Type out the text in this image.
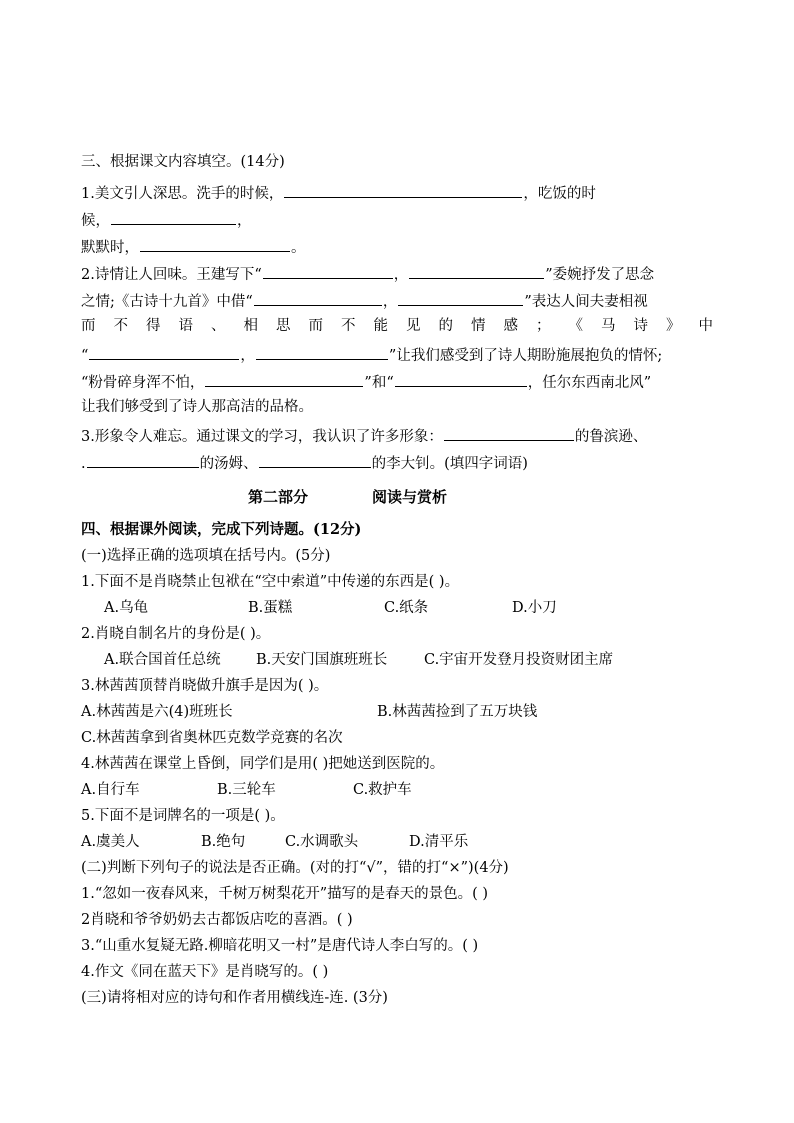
三、根据课文内容填空。(14分)
1.美文引人深思。洗手的时候，	，吃饭的时
候，	，
默默时，	。
2.诗情让人回味。王建写下“	，	”委婉抒发了思念
之情;《古诗十九首》中借“	，	”表达人间夫妻相视
而 不 得 语 、 相 思 而 不 能 见 的 情 感 ； 《 马 诗 》 中
“	，	”让我们感受到了诗人期盼施展抱负的情怀;
“粉骨碎身浑不怕，	”和“	，任尔东西南北风”
让我们够受到了诗人那高洁的品格。
3.形象令人难忘。通过课文的学习，我认识了许多形象：	的鲁滨逊、
.	的汤姆、	的李大钊。(填四字词语)
第二部分	阅读与赏析
四、根据课外阅读，完成下列诗题。(12分)
(一)选择正确的选项填在括号内。(5分)
1.下面不是肖晓禁止包袱在“空中索道”中传递的东西是( )。
A.乌龟	B.蛋糕	C.纸条	D.小刀
2.肖晓自制名片的身份是( )。
A.联合国首任总统 B.天安门国旗班班长	C.宇宙开发登月投资财团主席
3.林茜茜顶替肖晓做升旗手是因为( )。
A.林茜茜是六(4)班班长	B.林茜茜捡到了五万块钱
C.林茜茜拿到省奥林匹克数学竞赛的名次
4.林茜茜在课堂上昏倒，同学们是用( )把她送到医院的。
A.自行车	B.三轮车	C.救护车
5.下面不是词牌名的一项是( )。
A.虞美人	B.绝句	C.水调歌头	D.清平乐
(二)判断下列句子的说法是否正确。(对的打“√”，错的打“×”)(4分)
1.“忽如一夜春风来，千树万树梨花开”描写的是春天的景色。( )
2肖晓和爷爷奶奶去古都饭店吃的喜酒。( )
3.“山重水复疑无路.柳暗花明又一村”是唐代诗人李白写的。( )
4.作文《同在蓝天下》是肖晓写的。( )
(三)请将相对应的诗句和作者用横线连-连. (3分)
